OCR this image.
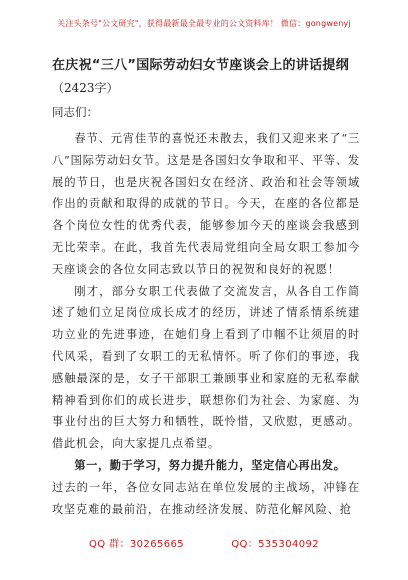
关注头条号"公文研究"，获得最新最全最专业的公文资料库！ 微信：gongwenyj
在庆祝“三八”国际劳动妇女节座谈会上的讲话提纲
（2423字）
同志们：

春节、元宵佳节的喜悦还未散去，我们又迎来来了“三八”国际劳动妇女节。这是是各国妇女争取和平、平等、发展的节日，也是庆祝各国妇女在经济、政治和社会等领域作出的贡献和取得的成就的节日。今天，在座的各位都是各个岗位女性的优秀代表，能够参加今天的座谈会我感到无比荣幸。在此，我首先代表局党组向全局女职工参加今天座谈会的各位女同志致以节日的祝贺和良好的祝愿！

刚才，部分女职工代表做了交流发言，从各自工作简述了她们立足岗位成长成才的经历，讲述了情系情系统建功立业的先进事迹，在她们身上看到了巾帼不让须眉的时代风采，看到了女职工的无私情怀。听了你们的事迹，我感触最深的是，女子干部职工兼顾事业和家庭的无私奉献精神看到你们的成长进步，联想你们为社会、为家庭、为事业付出的巨大努力和牺牲，既怜惜，又欣慰，更感动。借此机会，向大家提几点希望。

第一，勤于学习，努力提升能力，坚定信心再出发。

过去的一年，各位女同志站在单位发展的主战场，冲锋在攻坚克难的最前沿，在推动经济发展、防范化解风险、抢

QQ 群：30265665	QQ：535304092
